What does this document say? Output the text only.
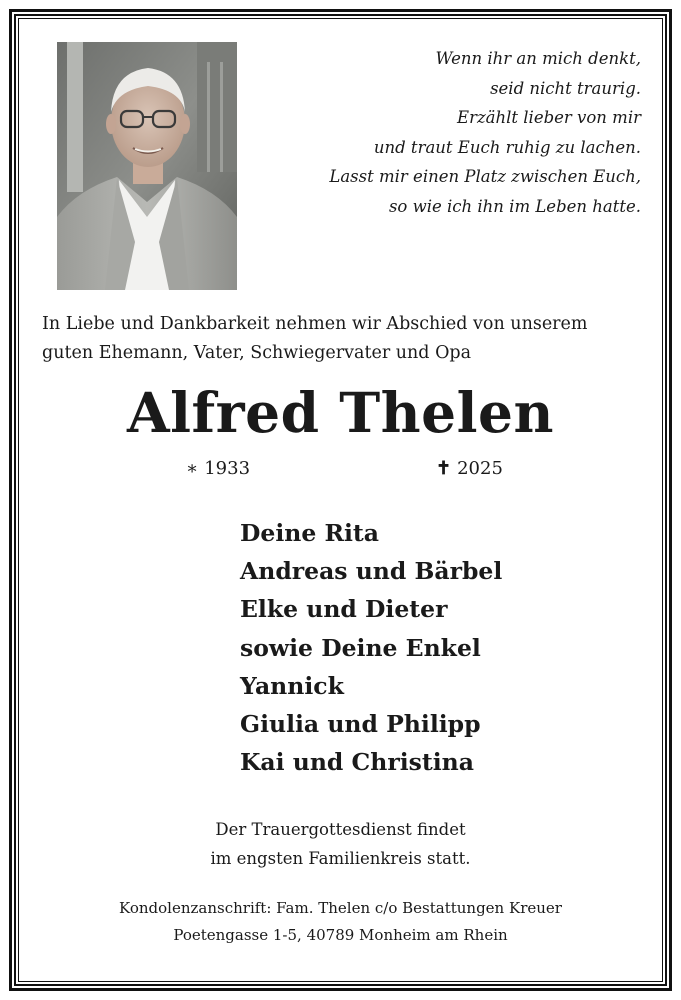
Wenn ihr an mich denkt,
seid nicht traurig.
Erzählt lieber von mir
und traut Euch ruhig zu lachen.
Lasst mir einen Platz zwischen Euch,
so wie ich ihn im Leben hatte.
In Liebe und Dankbarkeit nehmen wir Abschied von unserem
guten Ehemann, Vater, Schwiegervater und Opa
Alfred Thelen
∗ 1933	✝ 2025
Deine Rita
Andreas und Bärbel
Elke und Dieter
sowie Deine Enkel
Yannick
Giulia und Philipp
Kai und Christina
Der Trauergottesdienst findet
im engsten Familienkreis statt.
Kondolenzanschrift: Fam. Thelen c/o Bestattungen Kreuer
Poetengasse 1-5, 40789 Monheim am Rhein
